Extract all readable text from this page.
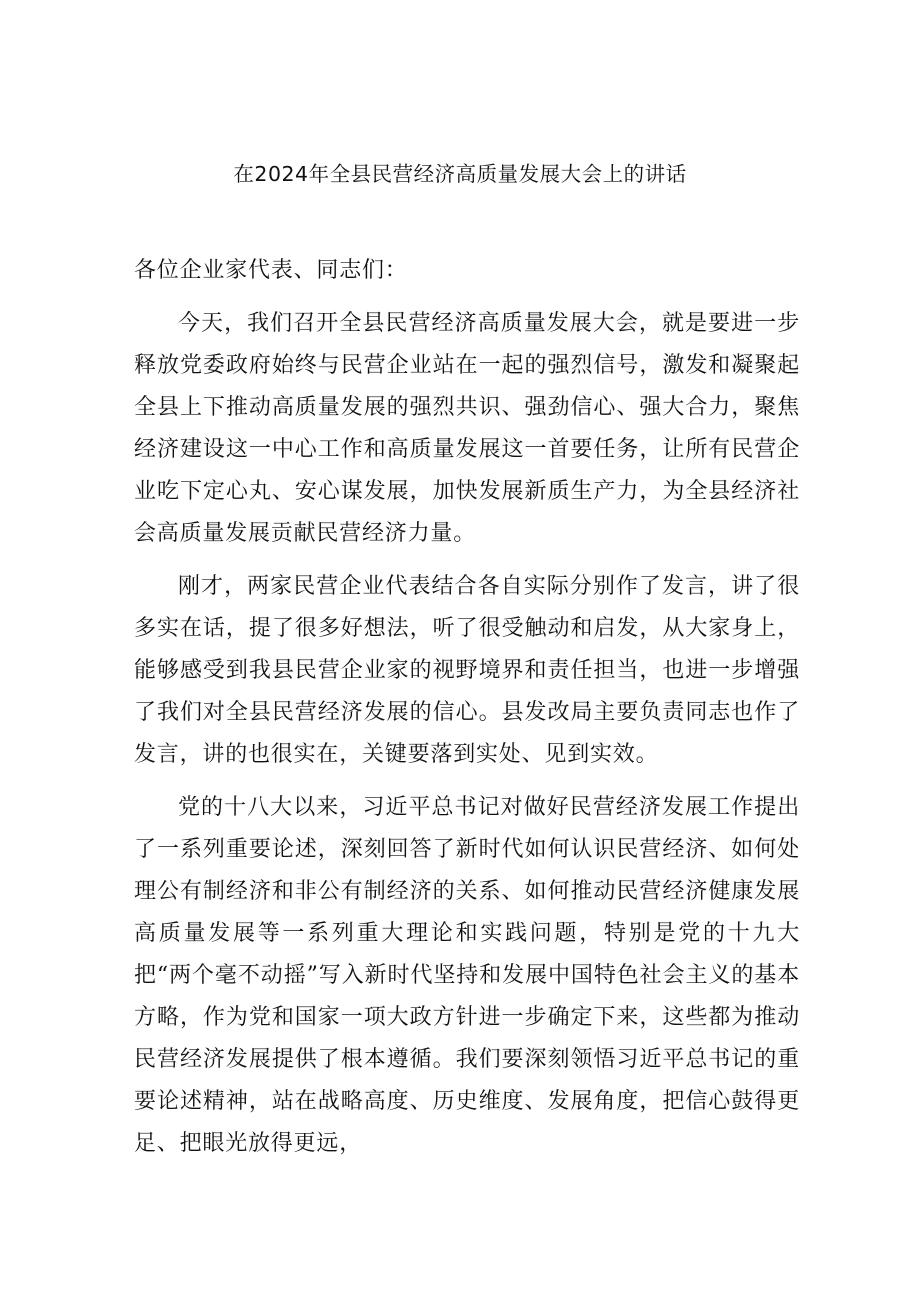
在2024年全县民营经济高质量发展大会上的讲话

各位企业家代表、同志们：

今天，我们召开全县民营经济高质量发展大会，就是要进一步释放党委政府始终与民营企业站在一起的强烈信号，激发和凝聚起全县上下推动高质量发展的强烈共识、强劲信心、强大合力，聚焦经济建设这一中心工作和高质量发展这一首要任务，让所有民营企业吃下定心丸、安心谋发展，加快发展新质生产力，为全县经济社会高质量发展贡献民营经济力量。

刚才，两家民营企业代表结合各自实际分别作了发言，讲了很多实在话，提了很多好想法，听了很受触动和启发，从大家身上，能够感受到我县民营企业家的视野境界和责任担当，也进一步增强了我们对全县民营经济发展的信心。县发改局主要负责同志也作了发言，讲的也很实在，关键要落到实处、见到实效。

党的十八大以来，习近平总书记对做好民营经济发展工作提出了一系列重要论述，深刻回答了新时代如何认识民营经济、如何处理公有制经济和非公有制经济的关系、如何推动民营经济健康发展高质量发展等一系列重大理论和实践问题，特别是党的十九大把“两个毫不动摇”写入新时代坚持和发展中国特色社会主义的基本方略，作为党和国家一项大政方针进一步确定下来，这些都为推动民营经济发展提供了根本遵循。我们要深刻领悟习近平总书记的重要论述精神，站在战略高度、历史维度、发展角度，把信心鼓得更足、把眼光放得更远，
